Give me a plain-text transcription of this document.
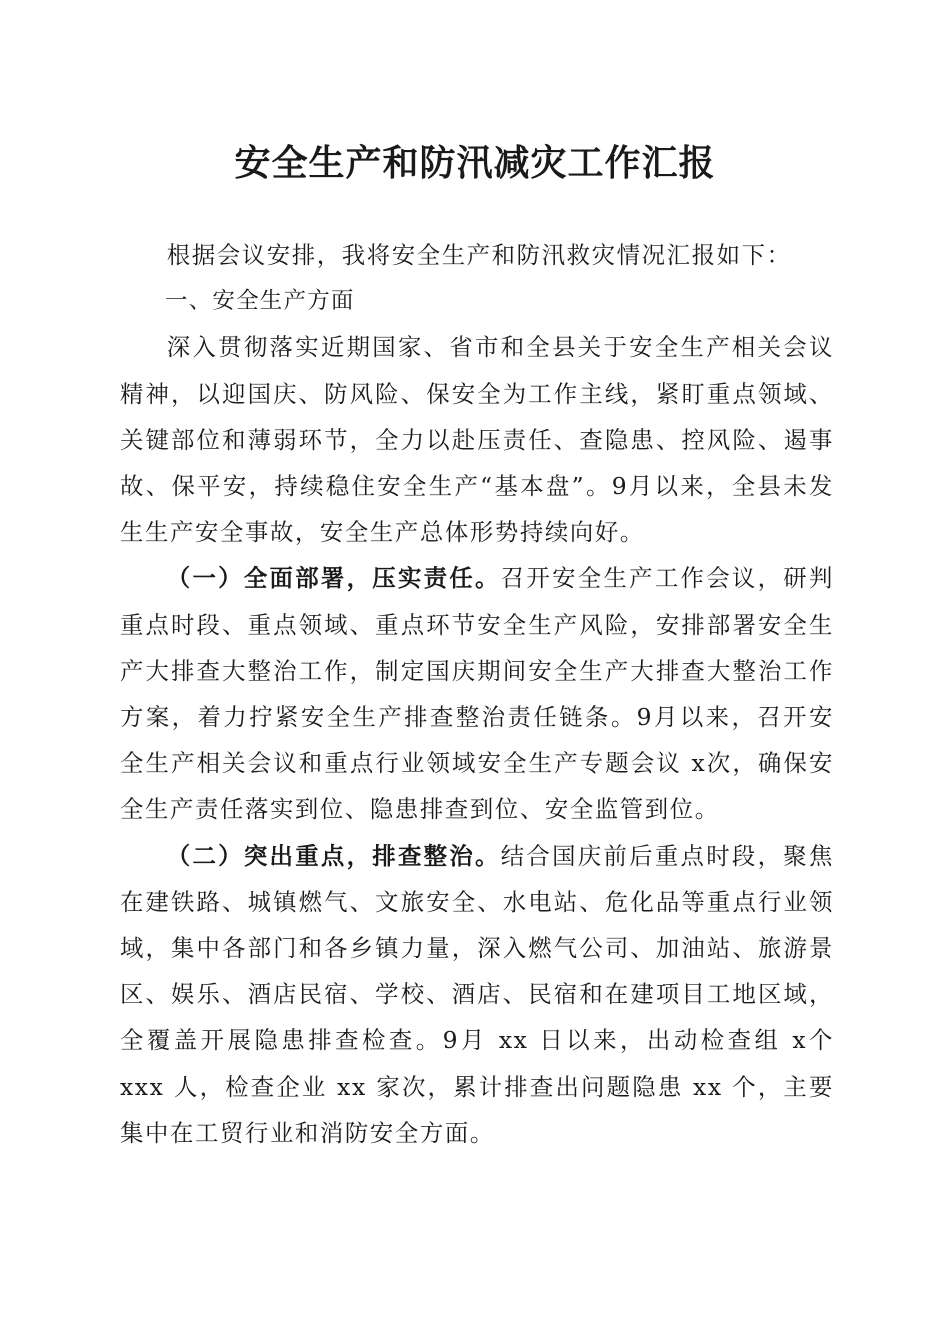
安全生产和防汛减灾工作汇报

根据会议安排，我将安全生产和防汛救灾情况汇报如下：

一、安全生产方面

深入贯彻落实近期国家、省市和全县关于安全生产相关会议精神，以迎国庆、防风险、保安全为工作主线，紧盯重点领域、关键部位和薄弱环节，全力以赴压责任、查隐患、控风险、遏事故、保平安，持续稳住安全生产“基本盘”。9月以来，全县未发生生产安全事故，安全生产总体形势持续向好。

（一）全面部署，压实责任。召开安全生产工作会议，研判重点时段、重点领域、重点环节安全生产风险，安排部署安全生产大排查大整治工作，制定国庆期间安全生产大排查大整治工作方案，着力拧紧安全生产排查整治责任链条。9月以来，召开安全生产相关会议和重点行业领域安全生产专题会议 x次，确保安全生产责任落实到位、隐患排查到位、安全监管到位。

（二）突出重点，排查整治。结合国庆前后重点时段，聚焦在建铁路、城镇燃气、文旅安全、水电站、危化品等重点行业领域，集中各部门和各乡镇力量，深入燃气公司、加油站、旅游景区、娱乐、酒店民宿、学校、酒店、民宿和在建项目工地区域，全覆盖开展隐患排查检查。9月 xx 日以来，出动检查组 x个 xxx 人，检查企业 xx 家次，累计排查出问题隐患 xx 个，主要集中在工贸行业和消防安全方面。
